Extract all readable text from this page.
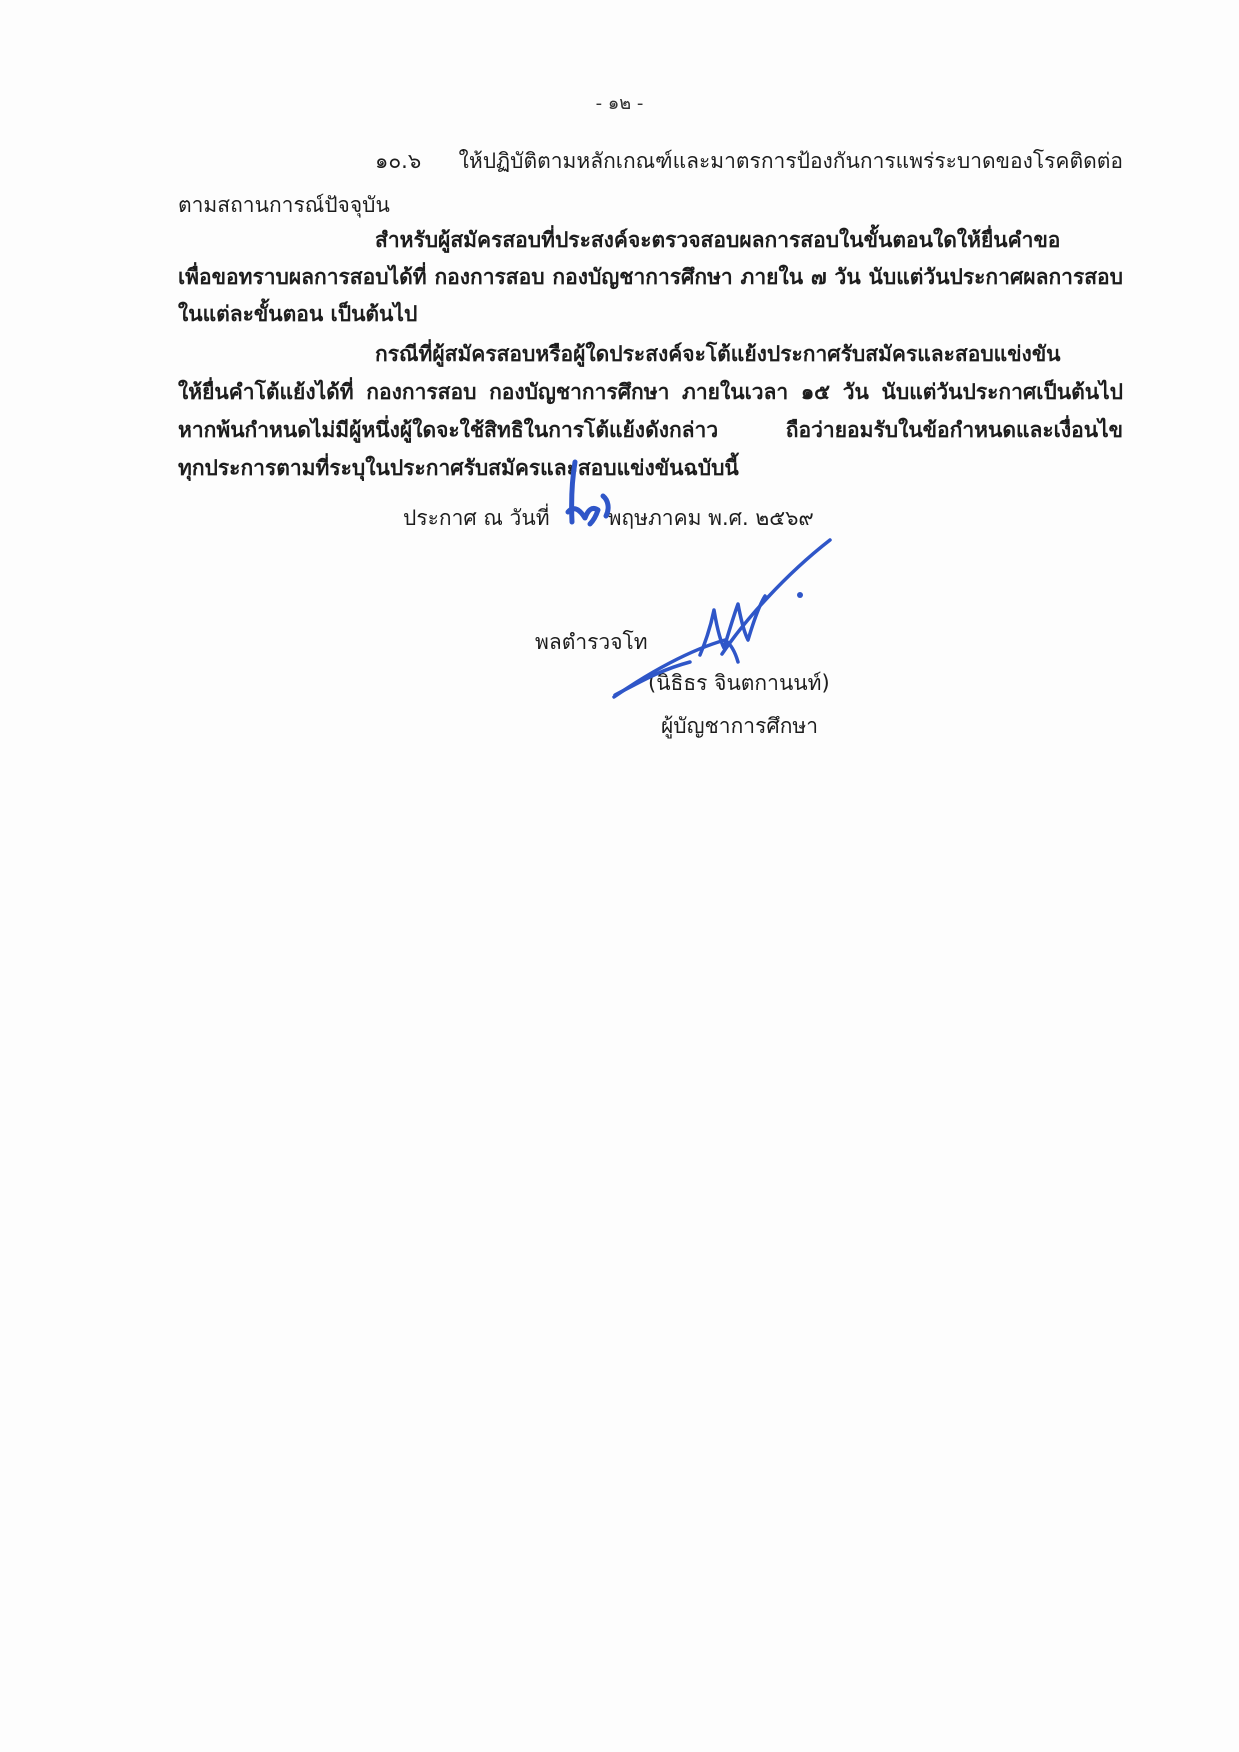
- ๑๒ -
๑๐.๖ ให้ปฏิบัติตามหลักเกณฑ์และมาตรการป้องกันการแพร่ระบาดของโรคติดต่อ
ตามสถานการณ์ปัจจุบัน
สำหรับผู้สมัครสอบที่ประสงค์จะตรวจสอบผลการสอบในขั้นตอนใดให้ยื่นคำขอ
เพื่อขอทราบผลการสอบได้ที่ กองการสอบ กองบัญชาการศึกษา ภายใน ๗ วัน นับแต่วันประกาศผลการสอบ
ในแต่ละขั้นตอน เป็นต้นไป
กรณีที่ผู้สมัครสอบหรือผู้ใดประสงค์จะโต้แย้งประกาศรับสมัครและสอบแข่งขัน
ให้ยื่นคำโต้แย้งได้ที่ กองการสอบ กองบัญชาการศึกษา ภายในเวลา ๑๕ วัน นับแต่วันประกาศเป็นต้นไป
หากพ้นกำหนดไม่มีผู้หนึ่งผู้ใดจะใช้สิทธิในการโต้แย้งดังกล่าว ถือว่ายอมรับในข้อกำหนดและเงื่อนไข
ทุกประการตามที่ระบุในประกาศรับสมัครและสอบแข่งขันฉบับนี้
ประกาศ ณ วันที่	พฤษภาคม พ.ศ. ๒๕๖๙
พลตำรวจโท
(นิธิธร จินตกานนท์)
ผู้บัญชาการศึกษา
